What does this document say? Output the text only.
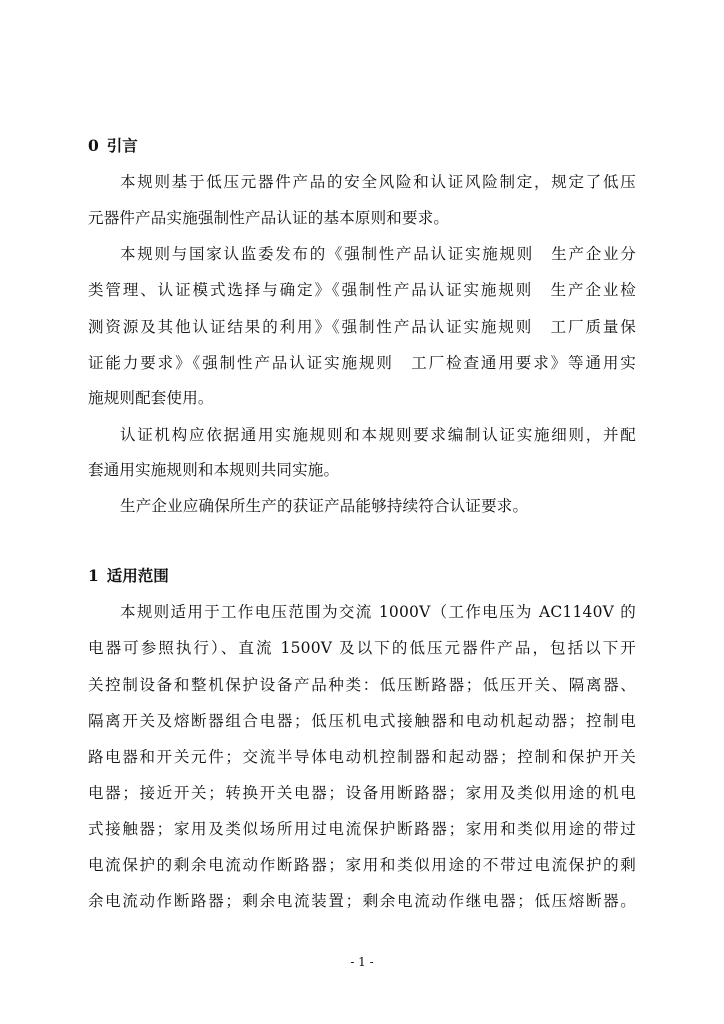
0 引言
本规则基于低压元器件产品的安全风险和认证风险制定，规定了低压
元器件产品实施强制性产品认证的基本原则和要求。
本规则与国家认监委发布的《强制性产品认证实施规则　生产企业分
类管理、认证模式选择与确定》《强制性产品认证实施规则　生产企业检
测资源及其他认证结果的利用》《强制性产品认证实施规则　工厂质量保
证能力要求》《强制性产品认证实施规则　工厂检查通用要求》等通用实
施规则配套使用。
认证机构应依据通用实施规则和本规则要求编制认证实施细则，并配
套通用实施规则和本规则共同实施。
生产企业应确保所生产的获证产品能够持续符合认证要求。
1 适用范围
本规则适用于工作电压范围为交流 1000V（工作电压为 AC1140V 的
电器可参照执行）、直流 1500V 及以下的低压元器件产品，包括以下开
关控制设备和整机保护设备产品种类：低压断路器；低压开关、隔离器、
隔离开关及熔断器组合电器；低压机电式接触器和电动机起动器；控制电
路电器和开关元件；交流半导体电动机控制器和起动器；控制和保护开关
电器；接近开关；转换开关电器；设备用断路器；家用及类似用途的机电
式接触器；家用及类似场所用过电流保护断路器；家用和类似用途的带过
电流保护的剩余电流动作断路器；家用和类似用途的不带过电流保护的剩
余电流动作断路器；剩余电流装置；剩余电流动作继电器；低压熔断器。
- 1 -
